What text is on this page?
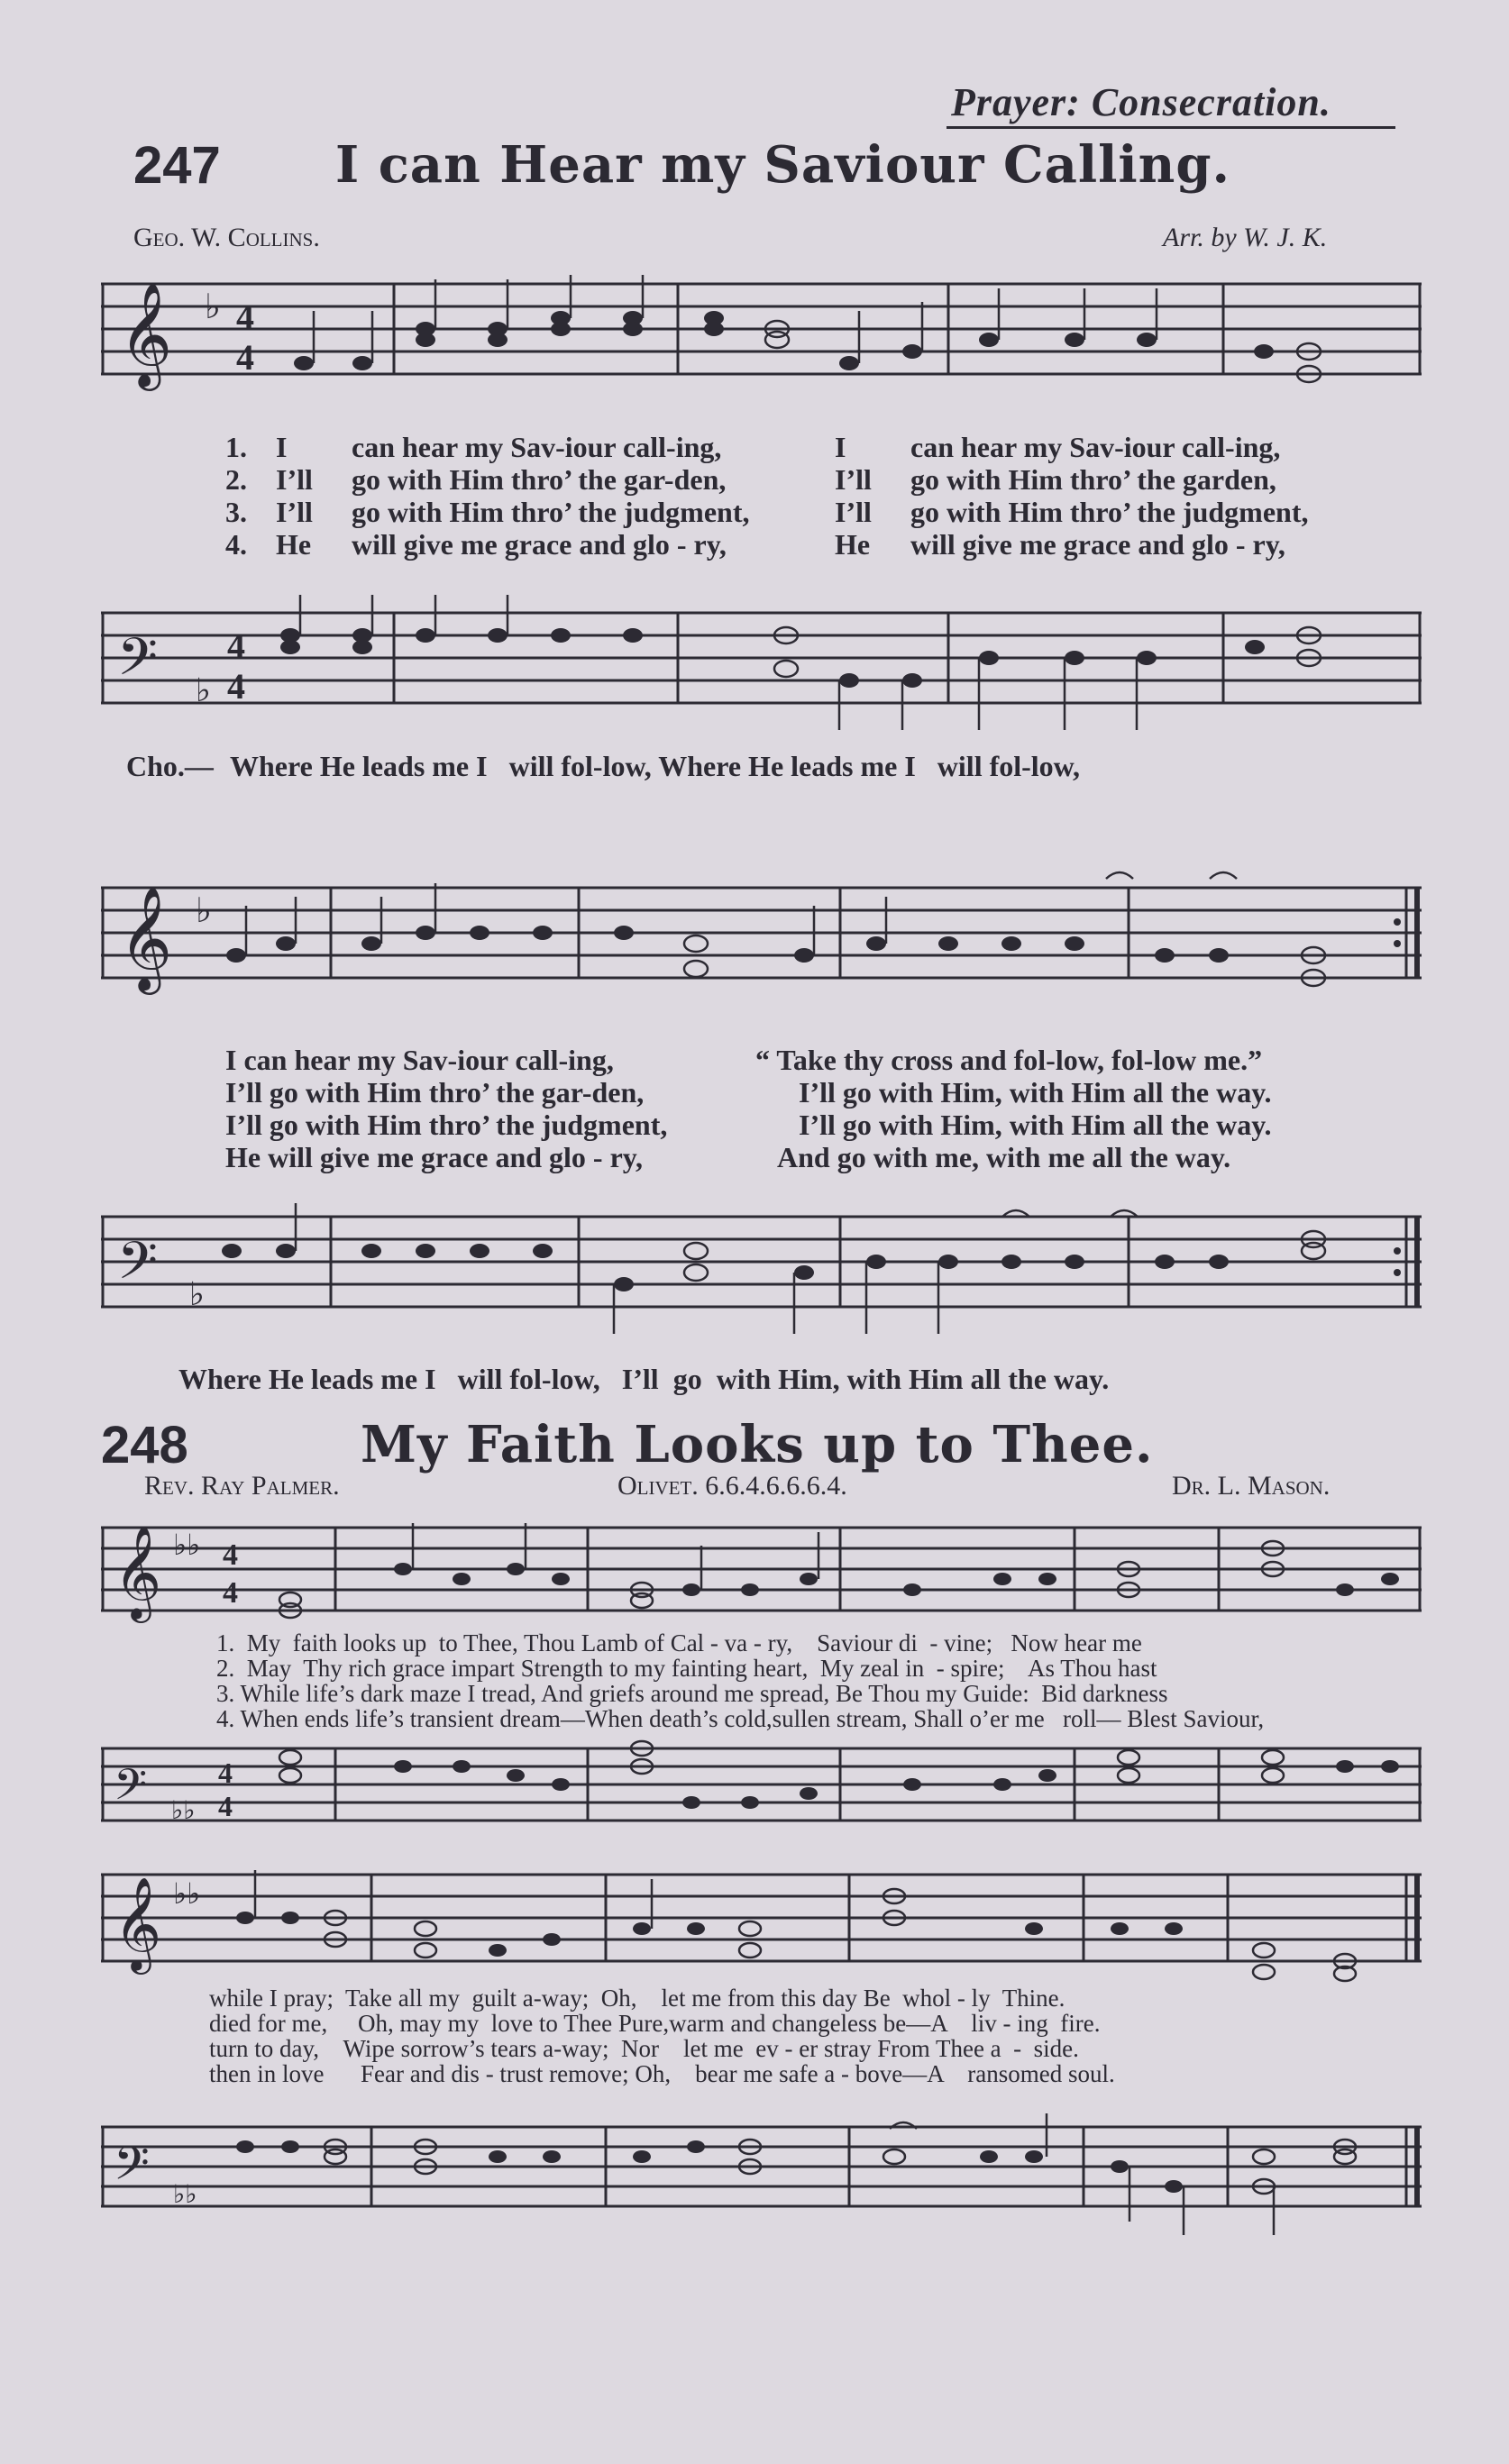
Prayer: Consecration.
247 I can Hear my Saviour Calling.
Geo. W. Collins.	Arr. by W. J. K.
𝄞 ♭ 4
4
1. I can hear my Sav-iour call-ing,	I can hear my Sav-iour call-ing,
2. I’ll go with Him thro’ the gar-den,	I’ll go with Him thro’ the garden,
3. I’ll go with Him thro’ the judgment,	I’ll go with Him thro’ the judgment,
4. He will give me grace and glo - ry,	He will give me grace and glo - ry,
𝄢 ♭
4
4
Cho.— Where He leads me I   will fol-low, Where He leads me I   will fol-low,
𝄞 ♭
I can hear my Sav-iour call-ing,	“ Take thy cross and fol-low, fol-low me.”
I’ll go with Him thro’ the gar-den,	I’ll go with Him, with Him all the way.
I’ll go with Him thro’ the judgment,	I’ll go with Him, with Him all the way.
He will give me grace and glo - ry,	And go with me, with me all the way.
𝄢 ♭
Where He leads me I   will fol-low,   I’ll  go  with Him, with Him all the way.
248	My Faith Looks up to Thee.
Rev. Ray Palmer.	Olivet. 6.6.4.6.6.6.4.	Dr. L. Mason.
𝄞 ♭♭ 4
4
1.  My  faith looks up  to Thee, Thou Lamb of Cal - va - ry,    Saviour di  - vine;   Now hear me
2.  May  Thy rich grace impart Strength to my fainting heart,  My zeal in  - spire;    As Thou hast
3. While life’s dark maze I tread, And griefs around me spread, Be Thou my Guide:  Bid darkness
4. When ends life’s transient dream—When death’s cold,sullen stream, Shall o’er me   roll— Blest Saviour,
𝄢 ♭♭
4
4
𝄞 ♭♭
while I pray;  Take all my  guilt a-way;  Oh,    let me from this day Be  whol - ly  Thine.
died for me,     Oh, may my  love to Thee Pure,warm and changeless be—A    liv - ing  fire.
turn to day,    Wipe sorrow’s tears a-way;  Nor    let me  ev - er stray From Thee a  -  side.
then in love      Fear and dis - trust remove; Oh,    bear me safe a - bove—A    ransomed soul.
𝄢 ♭♭
